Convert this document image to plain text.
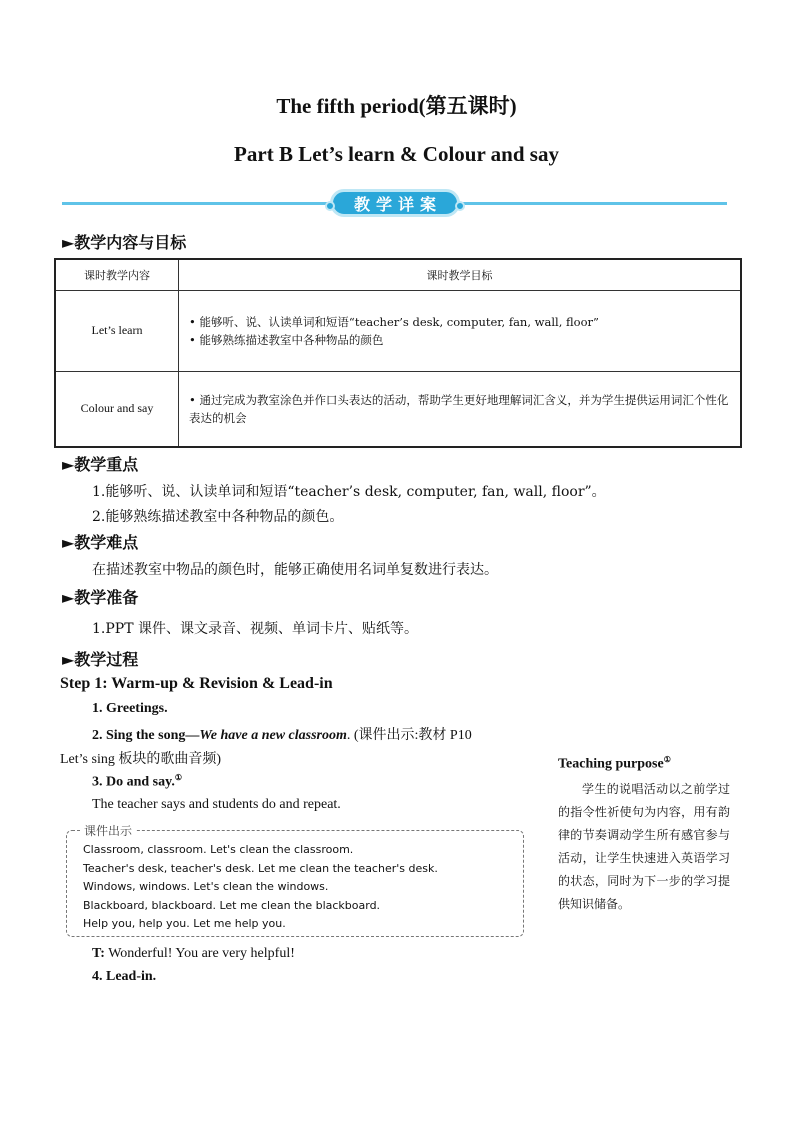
The fifth period(第五课时)
Part B Let’s learn & Colour and say
教学详案
►教学内容与目标
课时教学内容	课时教学目标
Let’s learn	• 能够听、说、认读单词和短语“teacher’s desk, computer, fan, wall, floor”
• 能够熟练描述教室中各种物品的颜色

Colour and say	• 通过完成为教室涂色并作口头表达的活动，帮助学生更好地理解词汇含义，并为学生提供运用词汇个性化表达的机会
►教学重点
1.能够听、说、认读单词和短语“teacher’s desk, computer, fan, wall, floor”。
2.能够熟练描述教室中各种物品的颜色。
►教学难点
在描述教室中物品的颜色时，能够正确使用名词单复数进行表达。
►教学准备
1.PPT 课件、课文录音、视频、单词卡片、贴纸等。
►教学过程
Step 1: Warm-up & Revision & Lead-in
1. Greetings.
2. Sing the song—We have a new classroom. (课件出示:教材 P10
Let’s sing 板块的歌曲音频)
3. Do and say.①
The teacher says and students do and repeat.
课件出示
Classroom, classroom. Let's clean the classroom.
Teacher's desk, teacher's desk. Let me clean the teacher's desk.
Windows, windows. Let's clean the windows.
Blackboard, blackboard. Let me clean the blackboard.
Help you, help you. Let me help you.
T: Wonderful! You are very helpful!
4. Lead-in.
Teaching purpose①
学生的说唱活动以之前学过的指令性祈使句为内容，用有韵律的节奏调动学生所有感官参与活动，让学生快速进入英语学习的状态，同时为下一步的学习提供知识储备。
